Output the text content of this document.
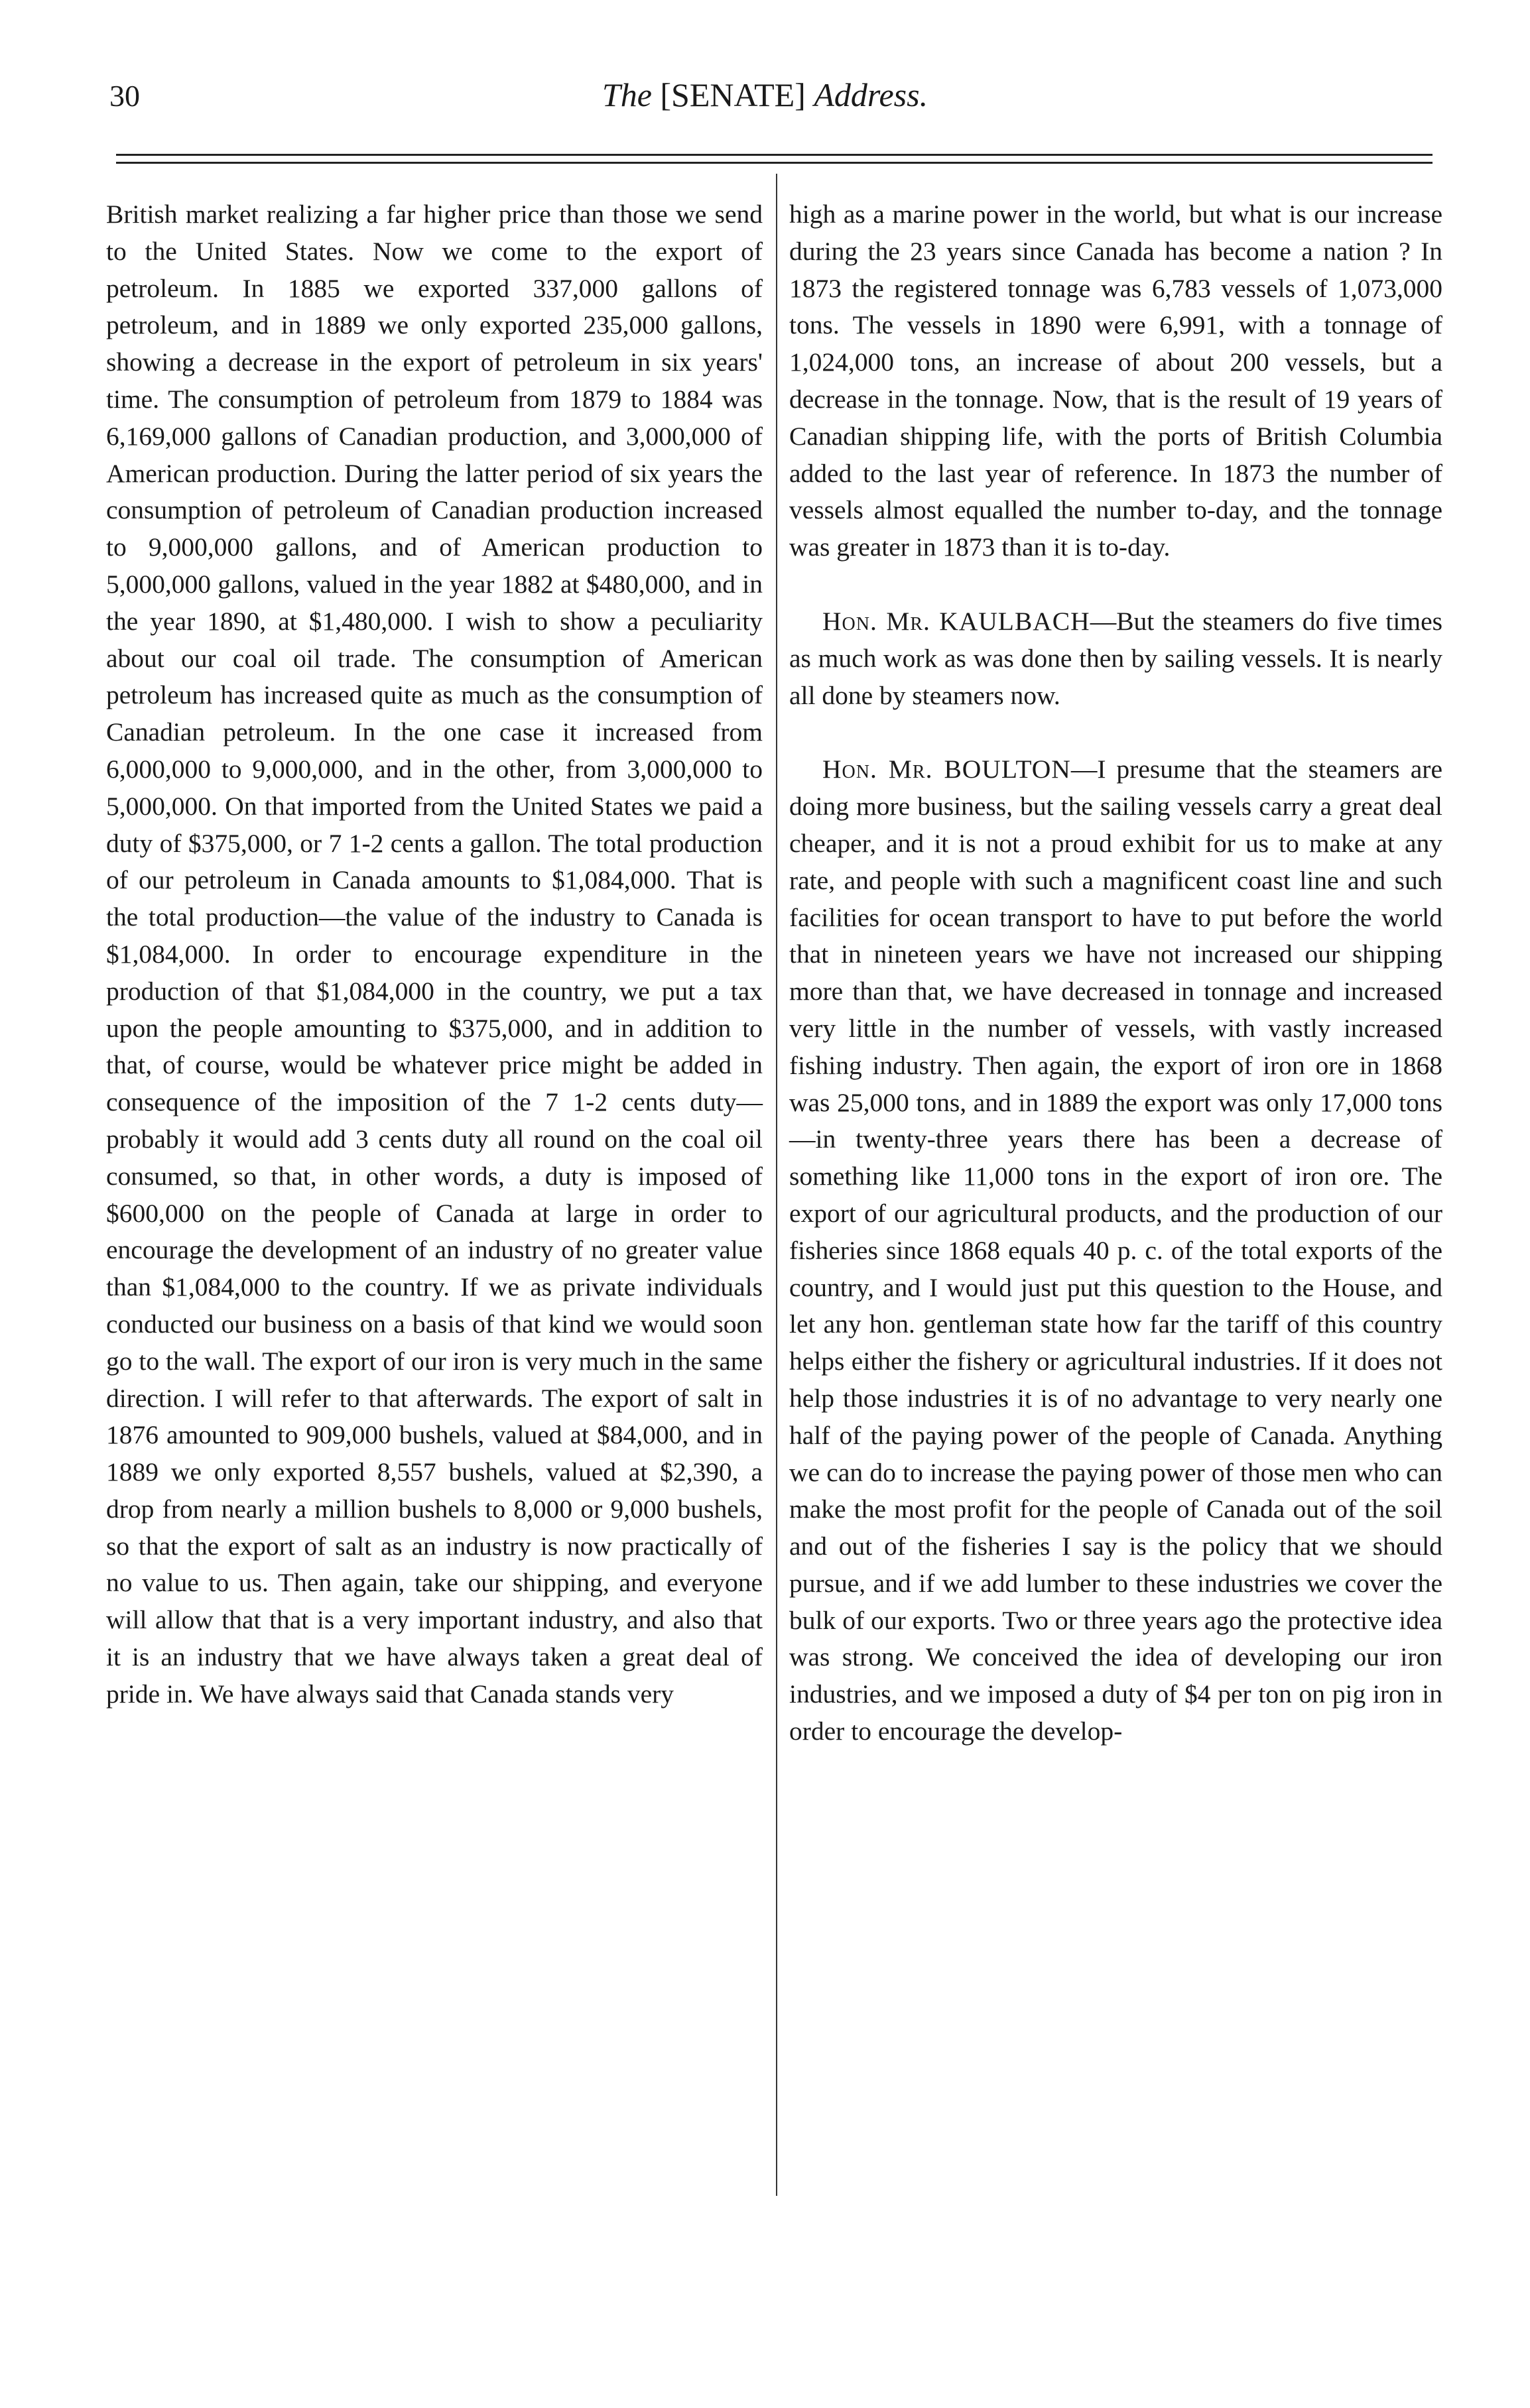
30	The [SENATE] Address.

British market realizing a far higher price than those we send to the United States. Now we come to the export of petroleum. In 1885 we exported 337,000 gallons of petroleum, and in 1889 we only exported 235,000 gallons, showing a decrease in the export of petroleum in six years' time. The consumption of petroleum from 1879 to 1884 was 6,169,000 gallons of Canadian production, and 3,000,000 of American production. During the latter period of six years the consumption of petroleum of Canadian production increased to 9,000,000 gallons, and of American production to 5,000,000 gallons, valued in the year 1882 at $480,000, and in the year 1890, at $1,480,000. I wish to show a peculiarity about our coal oil trade. The consumption of American petroleum has increased quite as much as the consumption of Canadian petroleum. In the one case it increased from 6,000,000 to 9,000,000, and in the other, from 3,000,000 to 5,000,000. On that imported from the United States we paid a duty of $375,000, or 7 1-2 cents a gallon. The total production of our petroleum in Canada amounts to $1,084,000. That is the total production—the value of the industry to Canada is $1,084,000. In order to encourage expenditure in the production of that $1,084,000 in the country, we put a tax upon the people amounting to $375,000, and in addition to that, of course, would be whatever price might be added in consequence of the imposition of the 7 1-2 cents duty—probably it would add 3 cents duty all round on the coal oil consumed, so that, in other words, a duty is imposed of $600,000 on the people of Canada at large in order to encourage the development of an industry of no greater value than $1,084,000 to the country. If we as private individuals conducted our business on a basis of that kind we would soon go to the wall. The export of our iron is very much in the same direction. I will refer to that afterwards. The export of salt in 1876 amounted to 909,000 bushels, valued at $84,000, and in 1889 we only exported 8,557 bushels, valued at $2,390, a drop from nearly a million bushels to 8,000 or 9,000 bushels, so that the export of salt as an industry is now practically of no value to us. Then again, take our shipping, and everyone will allow that that is a very important industry, and also that it is an industry that we have always taken a great deal of pride in. We have always said that Canada stands very

high as a marine power in the world, but what is our increase during the 23 years since Canada has become a nation ? In 1873 the registered tonnage was 6,783 vessels of 1,073,000 tons. The vessels in 1890 were 6,991, with a tonnage of 1,024,000 tons, an increase of about 200 vessels, but a decrease in the tonnage. Now, that is the result of 19 years of Canadian shipping life, with the ports of British Columbia added to the last year of reference. In 1873 the number of vessels almost equalled the number to-day, and the tonnage was greater in 1873 than it is to-day.

Hon. Mr. KAULBACH—But the steamers do five times as much work as was done then by sailing vessels. It is nearly all done by steamers now.

Hon. Mr. BOULTON—I presume that the steamers are doing more business, but the sailing vessels carry a great deal cheaper, and it is not a proud exhibit for us to make at any rate, and people with such a magnificent coast line and such facilities for ocean transport to have to put before the world that in nineteen years we have not increased our shipping more than that, we have decreased in tonnage and increased very little in the number of vessels, with vastly increased fishing industry. Then again, the export of iron ore in 1868 was 25,000 tons, and in 1889 the export was only 17,000 tons—in twenty-three years there has been a decrease of something like 11,000 tons in the export of iron ore. The export of our agricultural products, and the production of our fisheries since 1868 equals 40 p. c. of the total exports of the country, and I would just put this question to the House, and let any hon. gentleman state how far the tariff of this country helps either the fishery or agricultural industries. If it does not help those industries it is of no advantage to very nearly one half of the paying power of the people of Canada. Anything we can do to increase the paying power of those men who can make the most profit for the people of Canada out of the soil and out of the fisheries I say is the policy that we should pursue, and if we add lumber to these industries we cover the bulk of our exports. Two or three years ago the protective idea was strong. We conceived the idea of developing our iron industries, and we imposed a duty of $4 per ton on pig iron in order to encourage the develop-
